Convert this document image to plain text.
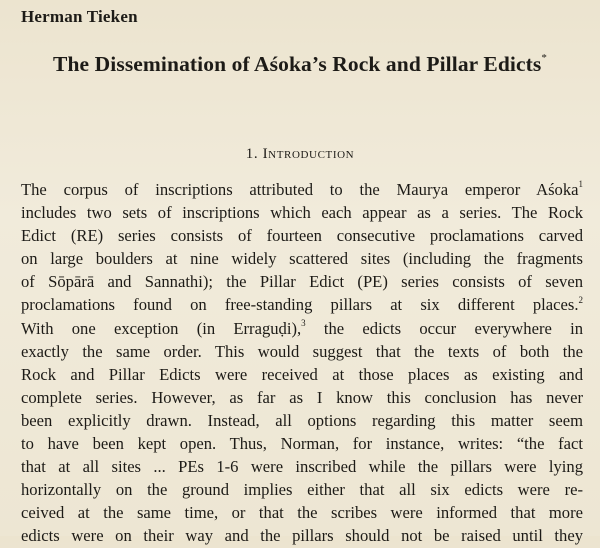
Herman Tieken
The Dissemination of Aśoka’s Rock and Pillar Edicts*
1. Introduction
The corpus of inscriptions attributed to the Maurya emperor Aśoka$^1$
includes two sets of inscriptions which each appear as a series. The Rock
Edict (RE) series consists of fourteen consecutive proclamations carved
on large boulders at nine widely scattered sites (including the fragments
of Sōpārā and Sannathi); the Pillar Edict (PE) series consists of seven
proclamations found on free-standing pillars at six different places.$^2$
With one exception (in Erraguḍi),$^3$ the edicts occur everywhere in
exactly the same order. This would suggest that the texts of both the
Rock and Pillar Edicts were received at those places as existing and
complete series. However, as far as I know this conclusion has never
been explicitly drawn. Instead, all options regarding this matter seem
to have been kept open. Thus, Norman, for instance, writes: “the fact
that at all sites ... PEs 1-6 were inscribed while the pillars were lying
horizontally on the ground implies either that all six edicts were re-
ceived at the same time, or that the scribes were informed that more
edicts were on their way and the pillars should not be raised until they
